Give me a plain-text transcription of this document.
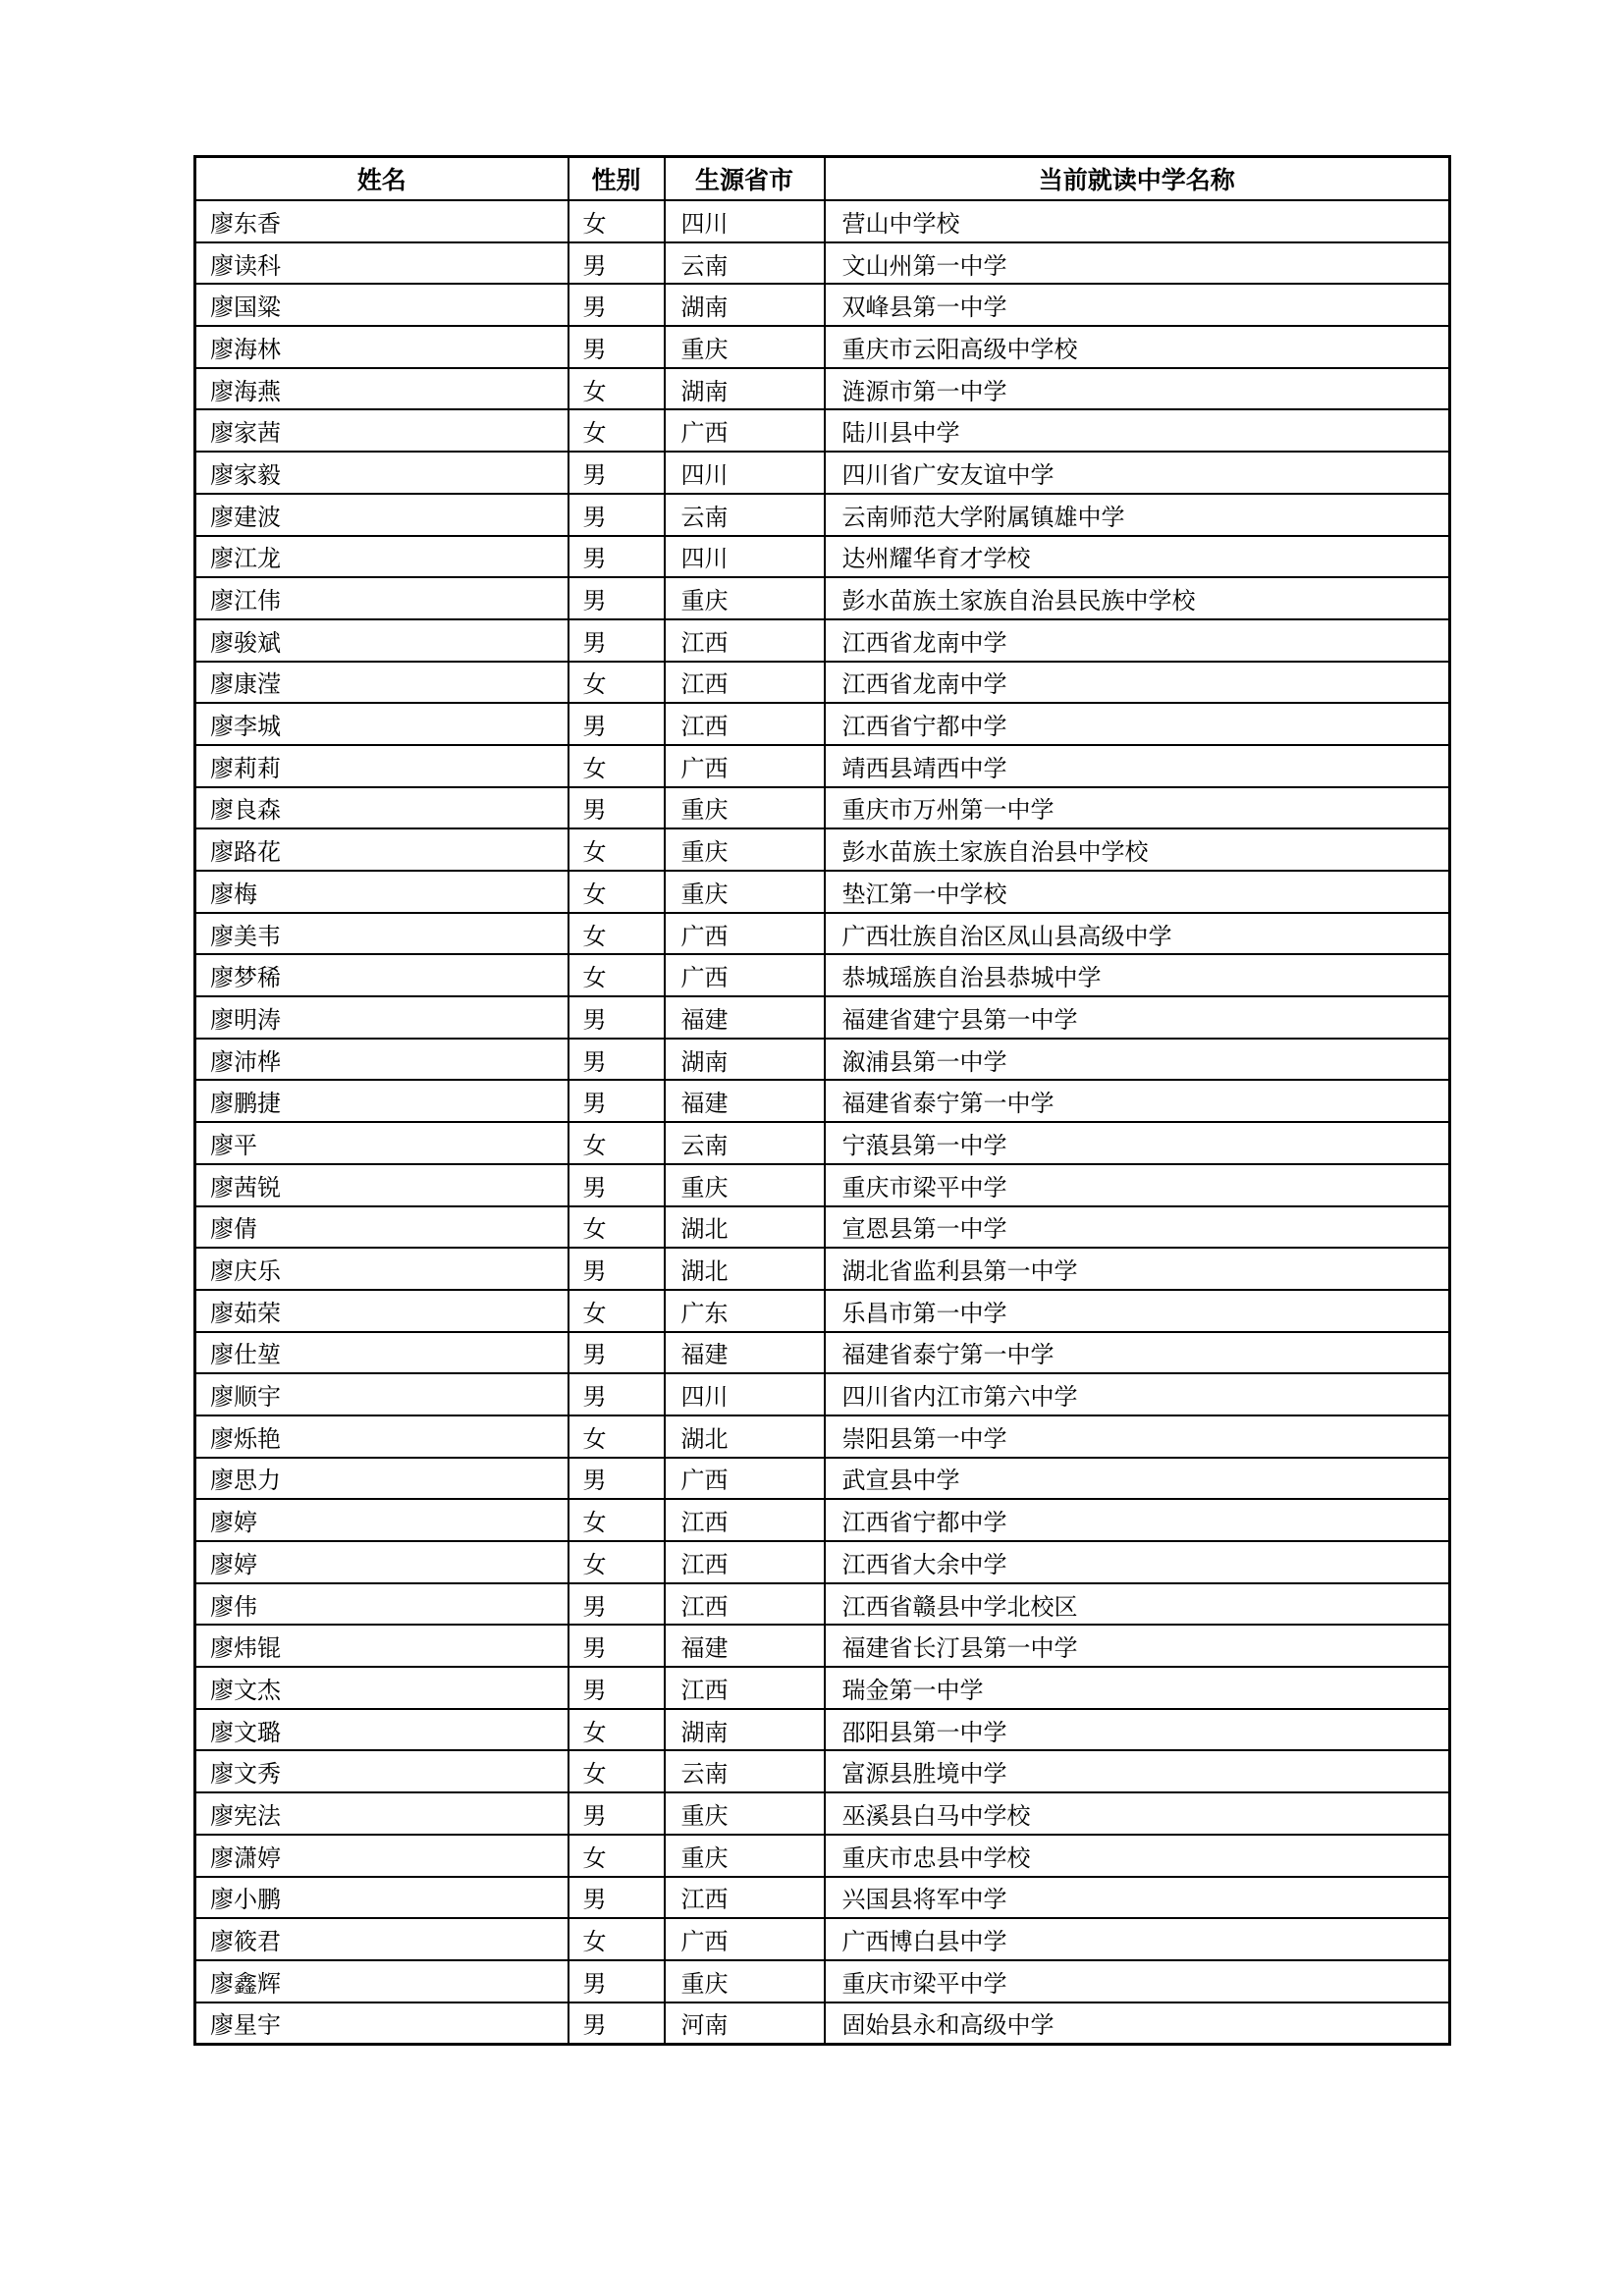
姓名	性别	生源省市	当前就读中学名称
廖东香	女	四川	营山中学校
廖读科	男	云南	文山州第一中学
廖国粱	男	湖南	双峰县第一中学
廖海林	男	重庆	重庆市云阳高级中学校
廖海燕	女	湖南	涟源市第一中学
廖家茜	女	广西	陆川县中学
廖家毅	男	四川	四川省广安友谊中学
廖建波	男	云南	云南师范大学附属镇雄中学
廖江龙	男	四川	达州耀华育才学校
廖江伟	男	重庆	彭水苗族土家族自治县民族中学校
廖骏斌	男	江西	江西省龙南中学
廖康滢	女	江西	江西省龙南中学
廖李城	男	江西	江西省宁都中学
廖莉莉	女	广西	靖西县靖西中学
廖良森	男	重庆	重庆市万州第一中学
廖路花	女	重庆	彭水苗族土家族自治县中学校
廖梅	女	重庆	垫江第一中学校
廖美韦	女	广西	广西壮族自治区凤山县高级中学
廖梦稀	女	广西	恭城瑶族自治县恭城中学
廖明涛	男	福建	福建省建宁县第一中学
廖沛桦	男	湖南	溆浦县第一中学
廖鹏捷	男	福建	福建省泰宁第一中学
廖平	女	云南	宁蒗县第一中学
廖茜锐	男	重庆	重庆市梁平中学
廖倩	女	湖北	宣恩县第一中学
廖庆乐	男	湖北	湖北省监利县第一中学
廖茹荣	女	广东	乐昌市第一中学
廖仕堃	男	福建	福建省泰宁第一中学
廖顺宇	男	四川	四川省内江市第六中学
廖烁艳	女	湖北	崇阳县第一中学
廖思力	男	广西	武宣县中学
廖婷	女	江西	江西省宁都中学
廖婷	女	江西	江西省大余中学
廖伟	男	江西	江西省赣县中学北校区
廖炜锟	男	福建	福建省长汀县第一中学
廖文杰	男	江西	瑞金第一中学
廖文璐	女	湖南	邵阳县第一中学
廖文秀	女	云南	富源县胜境中学
廖宪法	男	重庆	巫溪县白马中学校
廖潇婷	女	重庆	重庆市忠县中学校
廖小鹏	男	江西	兴国县将军中学
廖筱君	女	广西	广西博白县中学
廖鑫辉	男	重庆	重庆市梁平中学
廖星宇	男	河南	固始县永和高级中学
